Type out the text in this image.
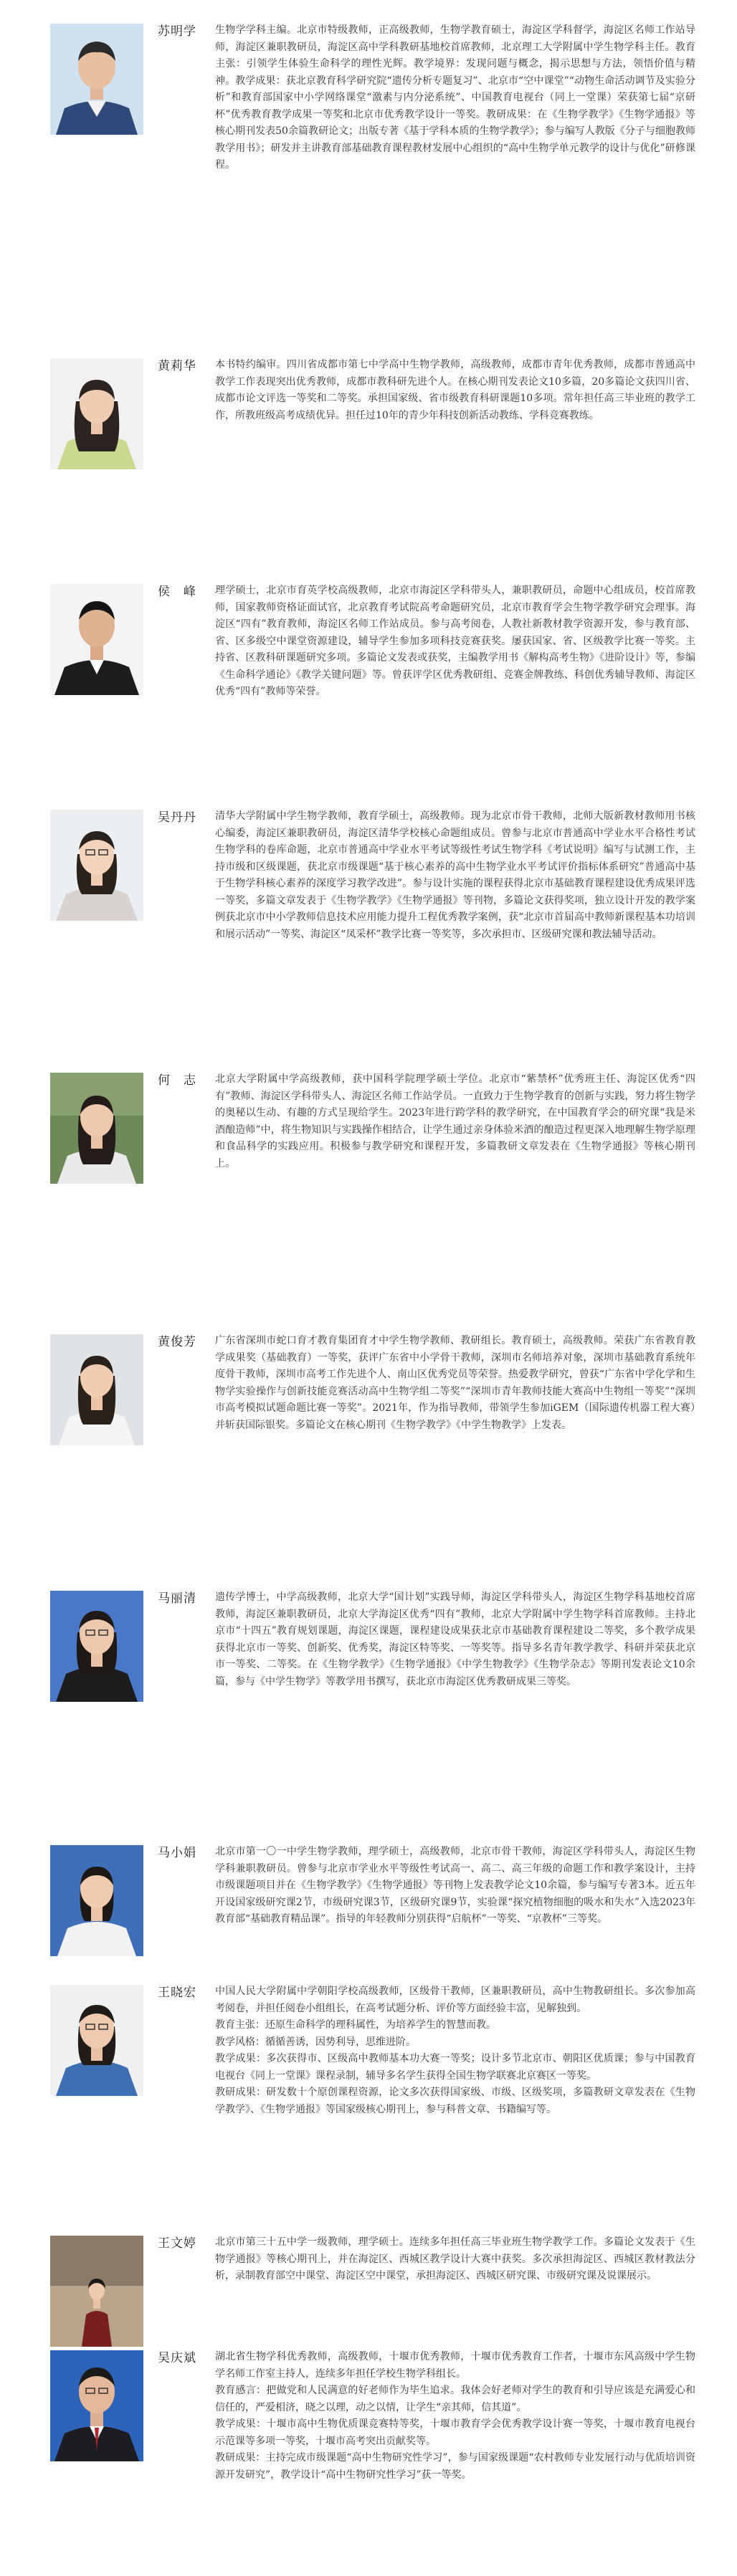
苏明学	生物学学科主编。北京市特级教师，正高级教师，生物学教育硕士，海淀区学科督学，海淀区名师工作站导师，海淀区兼职教研员，海淀区高中学科教研基地校首席教师，北京理工大学附属中学生物学科主任。教育主张：引领学生体验生命科学的理性光辉。教学境界：发现问题与概念，揭示思想与方法，领悟价值与精神。教学成果：获北京教育科学研究院“遗传分析专题复习”、北京市“空中课堂”“动物生命活动调节及实验分析”和教育部国家中小学网络课堂“激素与内分泌系统”、中国教育电视台（同上一堂课）荣获第七届“京研杯”优秀教育教学成果一等奖和北京市优秀教学设计一等奖。教研成果：在《生物学教学》《生物学通报》等核心期刊发表50余篇教研论文；出版专著《基于学科本质的生物学教学》；参与编写人教版《分子与细胞教师教学用书》；研发并主讲教育部基础教育课程教材发展中心组织的“高中生物学单元教学的设计与优化”研修课程。

黄莉华	本书特约编审。四川省成都市第七中学高中生物学教师，高级教师，成都市青年优秀教师，成都市普通高中教学工作表现突出优秀教师，成都市教科研先进个人。在核心期刊发表论文10多篇，20多篇论文获四川省、成都市论文评选一等奖和二等奖。承担国家级、省市级教育科研课题10多项。常年担任高三毕业班的教学工作，所教班级高考成绩优异。担任过10年的青少年科技创新活动教练、学科竞赛教练。

侯　峰	理学硕士，北京市育英学校高级教师，北京市海淀区学科带头人，兼职教研员，命题中心组成员，校首席教师，国家教师资格证面试官，北京教育考试院高考命题研究员，北京市教育学会生物学教学研究会理事。海淀区“四有”教育教师，海淀区名师工作站成员。参与高考阅卷，人教社新教材教学资源开发，参与教育部、省、区多级空中课堂资源建设，辅导学生参加多项科技竞赛获奖。屡获国家、省、区级教学比赛一等奖。主持省、区教科研课题研究多项。多篇论文发表或获奖，主编教学用书《解构高考生物》《进阶设计》等，参编《生命科学通论》《教学关键问题》等。曾获评学区优秀教研组、竞赛金牌教练、科创优秀辅导教师、海淀区优秀“四有”教师等荣誉。

吴丹丹	清华大学附属中学生物学教师，教育学硕士，高级教师。现为北京市骨干教师，北师大版新教材教师用书核心编委，海淀区兼职教研员，海淀区清华学校核心命题组成员。曾参与北京市普通高中学业水平合格性考试生物学科的卷库命题，北京市普通高中学业水平考试等级性考试生物学科《考试说明》编写与试测工作，主持市级和区级课题，获北京市级课题“基于核心素养的高中生物学业水平考试评价指标体系研究”普通高中基于生物学科核心素养的深度学习教学改进”。参与设计实施的课程获得北京市基础教育课程建设优秀成果评选一等奖，多篇文章发表于《生物学教学》《生物学通报》等刊物，多篇论文获得奖项，独立设计开发的教学案例获北京市中小学教师信息技术应用能力提升工程优秀教学案例，获“北京市首届高中教师新课程基本功培训和展示活动”一等奖、海淀区“凤采杯”教学比赛一等奖等，多次承担市、区级研究课和教法辅导活动。

何　志	北京大学附属中学高级教师，获中国科学院理学硕士学位。北京市“紫禁杯”优秀班主任、海淀区优秀“四有”教师、海淀区学科带头人、海淀区名师工作站学员。一直致力于生物学教育的创新与实践，努力将生物学的奥秘以生动、有趣的方式呈现给学生。2023年进行跨学科的教学研究，在中国教育学会的研究课“我是米酒酿造师”中，将生物知识与实践操作相结合，让学生通过亲身体验米酒的酿造过程更深入地理解生物学原理和食品科学的实践应用。积极参与教学研究和课程开发，多篇教研文章发表在《生物学通报》等核心期刊上。

黄俊芳	广东省深圳市蛇口育才教育集团育才中学生物学教师、教研组长。教育硕士，高级教师。荣获广东省教育教学成果奖（基础教育）一等奖，获评广东省中小学骨干教师，深圳市名师培养对象，深圳市基础教育系统年度骨干教师，深圳市高考工作先进个人、南山区优秀党员等荣誉。热爱教学研究，曾获“广东省中学化学和生物学实验操作与创新技能竞赛活动高中生物学组二等奖”“深圳市青年教师技能大赛高中生物组一等奖”“深圳市高考模拟试题命题比赛一等奖”。2021年，作为指导教师，带领学生参加iGEM（国际遗传机器工程大赛）并斩获国际银奖。多篇论文在核心期刊《生物学教学》《中学生物教学》上发表。

马丽清	遗传学博士，中学高级教师，北京大学“国计划”实践导师，海淀区学科带头人，海淀区生物学科基地校首席教师，海淀区兼职教研员，北京大学海淀区优秀“四有”教师，北京大学附属中学生物学科首席教师。主持北京市“十四五”教育规划课题，海淀区课题，课程建设成果获北京市基础教育课程建设二等奖，多个教学成果获得北京市一等奖、创新奖、优秀奖，海淀区特等奖、一等奖等。指导多名青年教学教学、科研并荣获北京市一等奖、二等奖。在《生物学教学》《生物学通报》《中学生物教学》《生物学杂志》等期刊发表论文10余篇，参与《中学生物学》等教学用书撰写，获北京市海淀区优秀教研成果三等奖。

马小娟	北京市第一〇一中学生物学教师，理学硕士，高级教师，北京市骨干教师，海淀区学科带头人，海淀区生物学科兼职教研员。曾参与北京市学业水平等级性考试高一、高二、高三年级的命题工作和教学案设计，主持市级课题项目并在《生物学教学》《生物学通报》等刊物上发表教学论文10余篇，参与编写专著3本。近五年开设国家级研究课2节，市级研究课3节，区级研究课9节，实验课“探究植物细胞的吸水和失水”入选2023年教育部“基础教育精品课”。指导的年轻教师分别获得“启航杯”一等奖、“京教杯”三等奖。

王晓宏	中国人民大学附属中学朝阳学校高级教师，区级骨干教师，区兼职教研员，高中生物教研组长。多次参加高考阅卷，并担任阅卷小组组长，在高考试题分析、评价等方面经验丰富，见解独到。

教育主张：还原生命科学的理科属性，为培养学生的智慧而教。

教学风格：循循善诱，因势利导，思维进阶。

教学成果：多次获得市、区级高中教师基本功大赛一等奖；设计多节北京市、朝阳区优质课；参与中国教育电视台《同上一堂课》课程录制，辅导多名学生获得全国生物学联赛北京赛区一等奖。

教研成果：研发数十个原创课程资源，论文多次获得国家级、市级、区级奖项，多篇教研文章发表在《生物学教学》、《生物学通报》等国家级核心期刊上，参与科普文章、书籍编写等。

王文婷	北京市第三十五中学一级教师，理学硕士。连续多年担任高三毕业班生物学教学工作。多篇论文发表于《生物学通报》等核心期刊上，并在海淀区、西城区教学设计大赛中获奖。多次承担海淀区、西城区教材教法分析，录制教育部空中课堂、海淀区空中课堂，承担海淀区、西城区研究课、市级研究课及说课展示。

吴庆斌	湖北省生物学科优秀教师，高级教师，十堰市优秀教师，十堰市优秀教育工作者，十堰市东风高级中学生物学名师工作室主持人，连续多年担任学校生物学科组长。

教育感言：把做党和人民满意的好老师作为毕生追求。我体会好老师对学生的教育和引导应该是充满爱心和信任的，严爱相济，晓之以理，动之以情，让学生“亲其师，信其道”。

教学成果：十堰市高中生物优质课竞赛特等奖，十堰市教育学会优秀教学设计赛一等奖，十堰市教育电视台示范课等多项一等奖，十堰市高考突出贡献奖等。

教研成果：主持完成市级课题“高中生物研究性学习”，参与国家级课题“农村教师专业发展行动与优质培训资源开发研究”，教学设计“高中生物研究性学习”获一等奖。
